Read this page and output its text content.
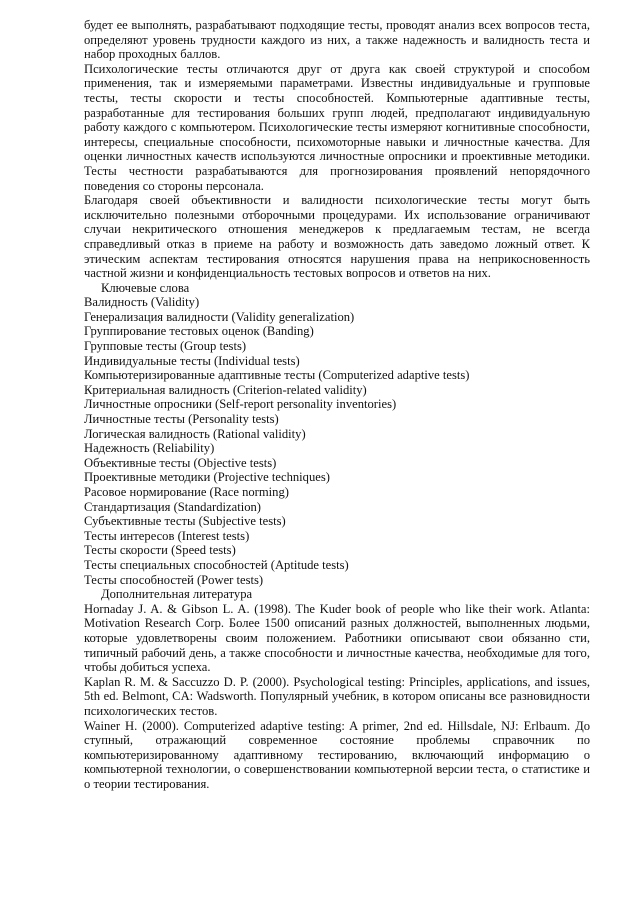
будет ее выполнять, разрабатывают подходящие тесты, проводят анализ всех вопросов теста, определяют уровень трудности каждого из них, а также надежность и валидность теста и набор проходных баллов.

Психологические тесты отличаются друг от друга как своей структурой и способом применения, так и измеряемыми параметрами. Известны индивидуальные и групповые тесты, тесты скорости и тесты способностей. Компьютерные адаптивные тесты, разработанные для тестирования больших групп людей, предполагают индивидуальную работу каждого с компьютером. Психологические тесты измеряют когнитивные способности, интересы, специальные способности, психомоторные навыки и личностные качества. Для оценки личностных качеств используются личностные опросники и проективные методики. Тесты честности разрабатываются для прогнозирования проявлений непорядочного поведения со стороны персонала.

Благодаря своей объективности и валидности психологические тесты могут быть исключительно полезными отборочными процедурами. Их использование ограничивают случаи некритического отношения менеджеров к предлагаемым тестам, не всегда справедливый отказ в приеме на работу и возможность дать заведомо ложный ответ. К этическим аспектам тестирования относятся нарушения права на неприкосновенность частной жизни и конфиденциальность тестовых вопросов и ответов на них.

Ключевые слова
Валидность (Validity)
Генерализация валидности (Validity generalization)
Группирование тестовых оценок (Banding)
Групповые тесты (Group tests)
Индивидуальные тесты (Individual tests)
Компьютеризированные адаптивные тесты (Computerized adaptive tests)
Критериальная валидность (Criterion-related validity)
Личностные опросники (Self-report personality inventories)
Личностные тесты (Personality tests)
Логическая валидность (Rational validity)
Надежность (Reliability)
Объективные тесты (Objective tests)
Проективные методики (Projective techniques)
Расовое нормирование (Race norming)
Стандартизация (Standardization)
Субъективные тесты (Subjective tests)
Тесты интересов (Interest tests)
Тесты скорости (Speed tests)
Тесты специальных способностей (Aptitude tests)
Тесты способностей (Power tests)
Дополнительная литература

Hornaday J. A. & Gibson L. A. (1998). The Kuder book of people who like their work. Atlanta: Motivation Research Corp. Более 1500 описаний разных должностей, выполненных людьми, которые удовлетворены своим положением. Работники описывают свои обязанно сти, типичный рабочий день, а также способности и личностные качества, необходимые для того, чтобы добиться успеха.

Kaplan R. M. & Saccuzzo D. P. (2000). Psychological testing: Principles, applications, and issues, 5th ed. Belmont, CA: Wadsworth. Популярный учебник, в котором описаны все разновидности психологических тестов.

Wainer H. (2000). Computerized adaptive testing: A primer, 2nd ed. Hillsdale, NJ: Erlbaum. До ступный, отражающий современное состояние проблемы справочник по компьютеризированному адаптивному тестированию, включающий информацию о компьютерной технологии, о совершенствовании компьютерной версии теста, о статистике и о теории тестирования.
